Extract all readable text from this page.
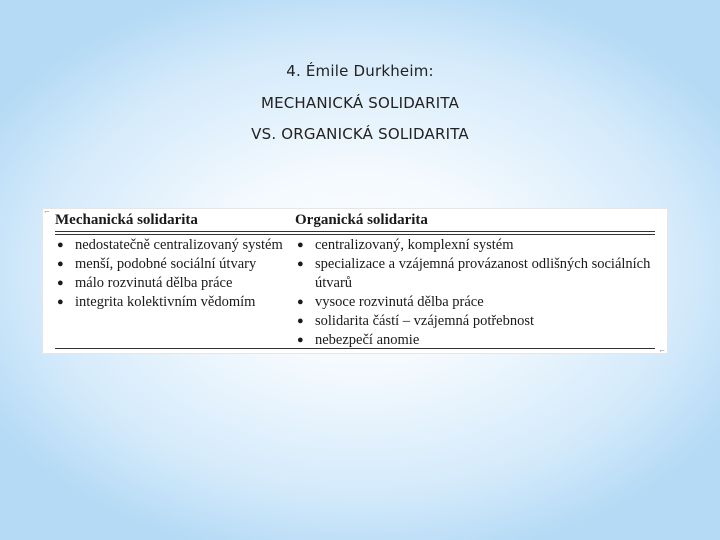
4. Émile Durkheim:
MECHANICKÁ SOLIDARITA
VS. ORGANICKÁ SOLIDARITA
⌐
⌐
Mechanická solidarita
● nedostatečně centralizovaný systém
● menší, podobné sociální útvary
● málo rozvinutá dělba práce
● integrita kolektivním vědomím
Organická solidarita
● centralizovaný, komplexní systém
● specializace a vzájemná provázanost odlišných sociálních útvarů
● vysoce rozvinutá dělba práce
● solidarita částí – vzájemná potřebnost
● nebezpečí anomie
